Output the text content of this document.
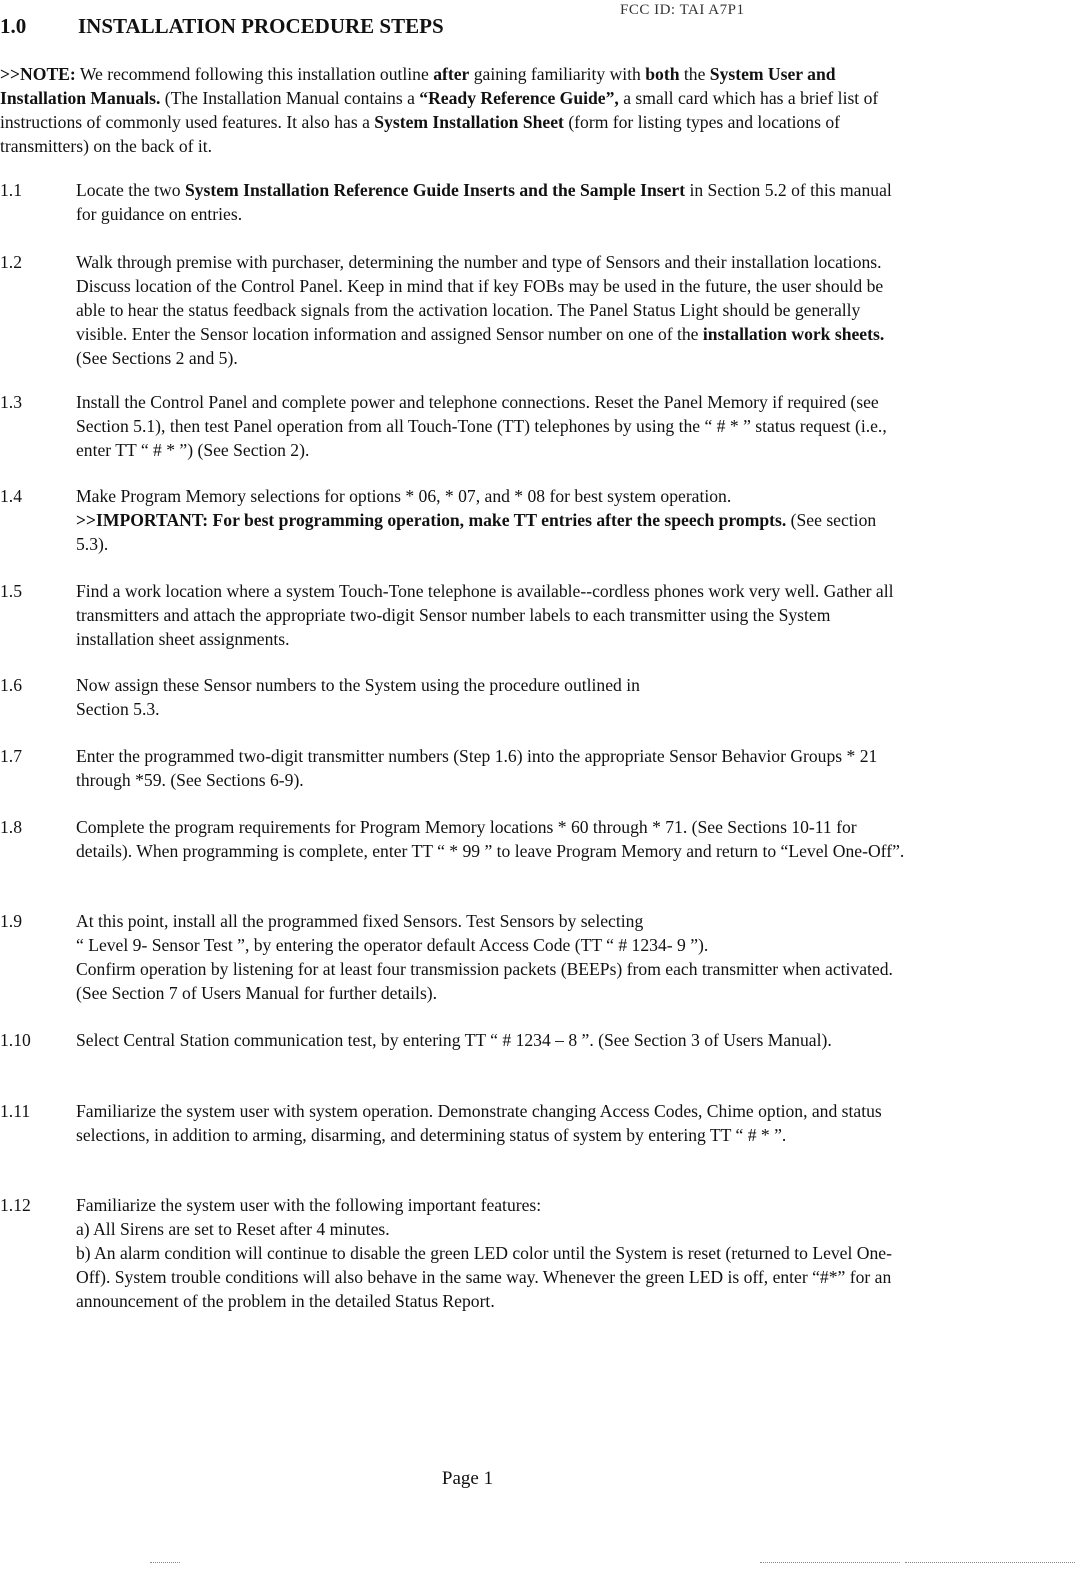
FCC ID: TAI A7P1
1.0 INSTALLATION PROCEDURE STEPS
>>NOTE: We recommend following this installation outline after gaining familiarity with both the System User and Installation Manuals. (The Installation Manual contains a “Ready Reference Guide”, a small card which has a brief list of instructions of commonly used features. It also has a System Installation Sheet (form for listing types and locations of transmitters) on the back of it.
1.1	Locate the two System Installation Reference Guide Inserts and the Sample Insert in Section 5.2 of this manual for guidance on entries.
1.2	Walk through premise with purchaser, determining the number and type of Sensors and their installation locations. Discuss location of the Control Panel. Keep in mind that if key FOBs may be used in the future, the user should be able to hear the status feedback signals from the activation location. The Panel Status Light should be generally visible. Enter the Sensor location information and assigned Sensor number on one of the installation work sheets. (See Sections 2 and 5).
1.3	Install the Control Panel and complete power and telephone connections. Reset the Panel Memory if required (see Section 5.1), then test Panel operation from all Touch-Tone (TT) telephones by using the “ # * ” status request (i.e., enter TT “ # * ”) (See Section 2).
1.4	Make Program Memory selections for options * 06, * 07, and * 08 for best system operation.
>>IMPORTANT: For best programming operation, make TT entries after the speech prompts. (See section 5.3).
1.5	Find a work location where a system Touch-Tone telephone is available--cordless phones work very well. Gather all transmitters and attach the appropriate two-digit Sensor number labels to each transmitter using the System installation sheet assignments.
1.6	Now assign these Sensor numbers to the System using the procedure outlined in
Section 5.3.
1.7	Enter the programmed two-digit transmitter numbers (Step 1.6) into the appropriate Sensor Behavior Groups * 21 through *59. (See Sections 6-9).
1.8	Complete the program requirements for Program Memory locations * 60 through * 71. (See Sections 10-11 for details). When programming is complete, enter TT “ * 99 ” to leave Program Memory and return to “Level One-Off”.
1.9	At this point, install all the programmed fixed Sensors. Test Sensors by selecting
“ Level 9- Sensor Test ”, by entering the operator default Access Code (TT “ # 1234- 9 ”).
Confirm operation by listening for at least four transmission packets (BEEPs) from each transmitter when activated. (See Section 7 of Users Manual for further details).
1.10	Select Central Station communication test, by entering TT “ # 1234 – 8 ”. (See Section 3 of Users Manual).
1.11	Familiarize the system user with system operation. Demonstrate changing Access Codes, Chime option, and status selections, in addition to arming, disarming, and determining status of system by entering TT “ # * ”.
1.12	Familiarize the system user with the following important features:
a) All Sirens are set to Reset after 4 minutes.
b) An alarm condition will continue to disable the green LED color until the System is reset (returned to Level One-Off). System trouble conditions will also behave in the same way. Whenever the green LED is off, enter “#*” for an announcement of the problem in the detailed Status Report.
Page 1
